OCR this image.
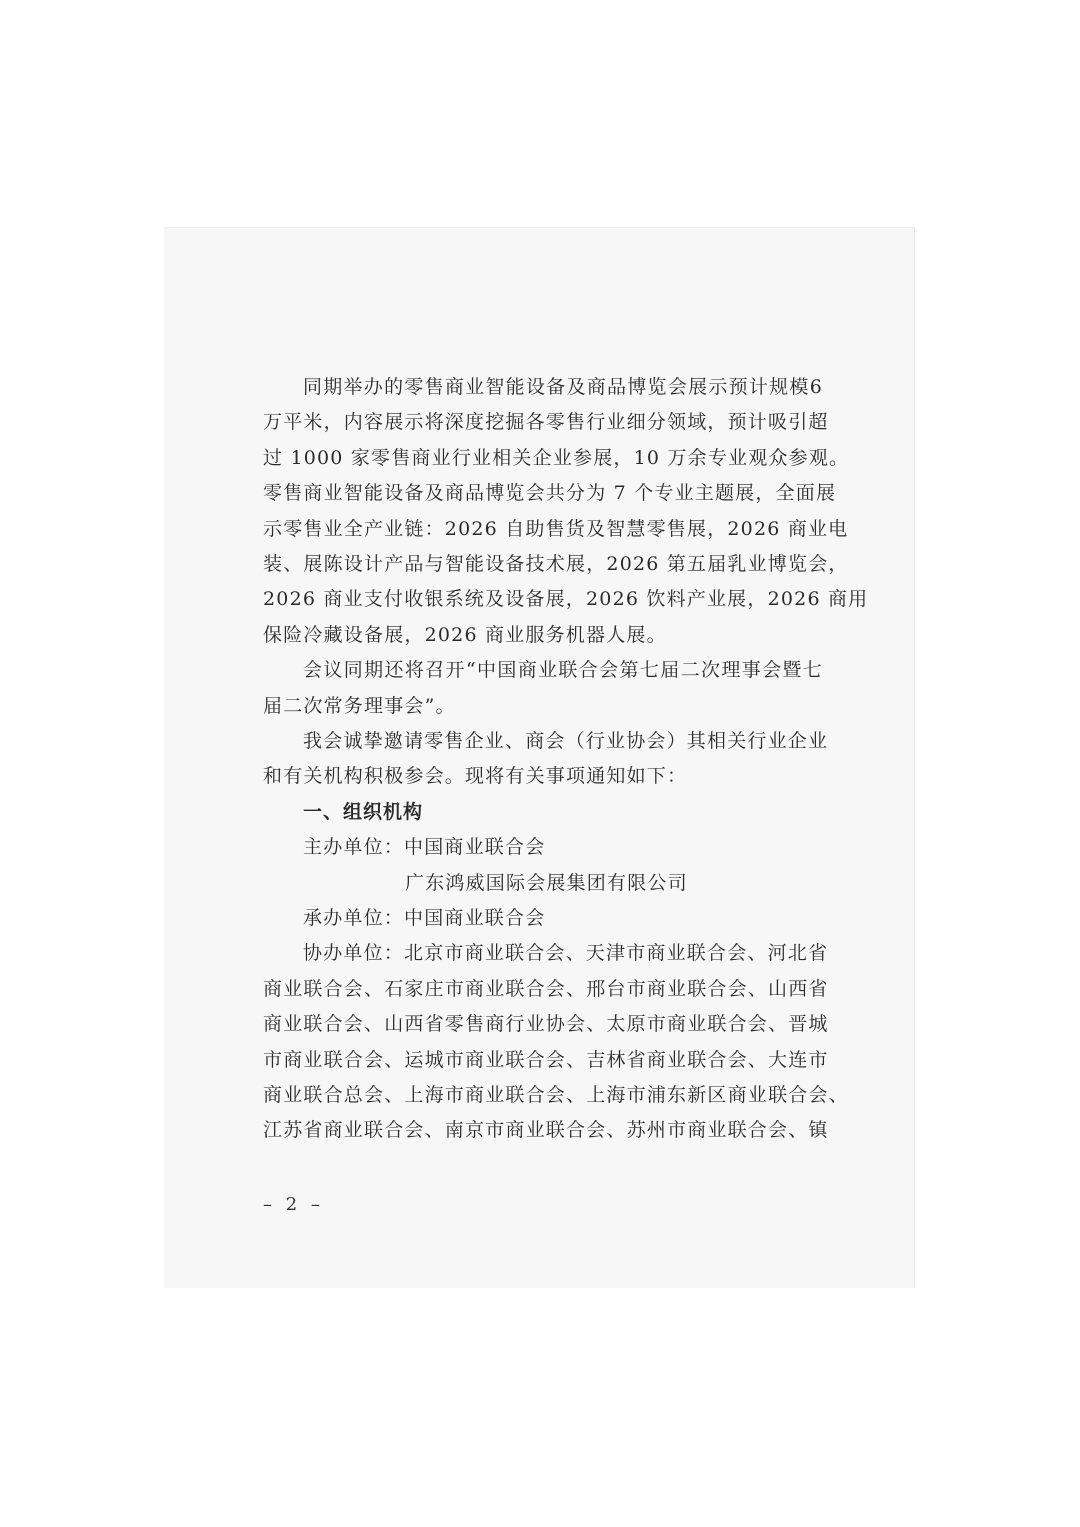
同期举办的零售商业智能设备及商品博览会展示预计规模6
万平米，内容展示将深度挖掘各零售行业细分领域，预计吸引超
过 1000 家零售商业行业相关企业参展，10 万余专业观众参观。
零售商业智能设备及商品博览会共分为 7 个专业主题展，全面展
示零售业全产业链：2026 自助售货及智慧零售展，2026 商业电
装、展陈设计产品与智能设备技术展，2026 第五届乳业博览会，
2026 商业支付收银系统及设备展，2026 饮料产业展，2026 商用
保险冷藏设备展，2026 商业服务机器人展。
会议同期还将召开“中国商业联合会第七届二次理事会暨七
届二次常务理事会”。
我会诚挚邀请零售企业、商会（行业协会）其相关行业企业
和有关机构积极参会。现将有关事项通知如下：
一、组织机构
主办单位：中国商业联合会
广东鸿威国际会展集团有限公司
承办单位：中国商业联合会
协办单位：北京市商业联合会、天津市商业联合会、河北省
商业联合会、石家庄市商业联合会、邢台市商业联合会、山西省
商业联合会、山西省零售商行业协会、太原市商业联合会、晋城
市商业联合会、运城市商业联合会、吉林省商业联合会、大连市
商业联合总会、上海市商业联合会、上海市浦东新区商业联合会、
江苏省商业联合会、南京市商业联合会、苏州市商业联合会、镇
– 2 –
